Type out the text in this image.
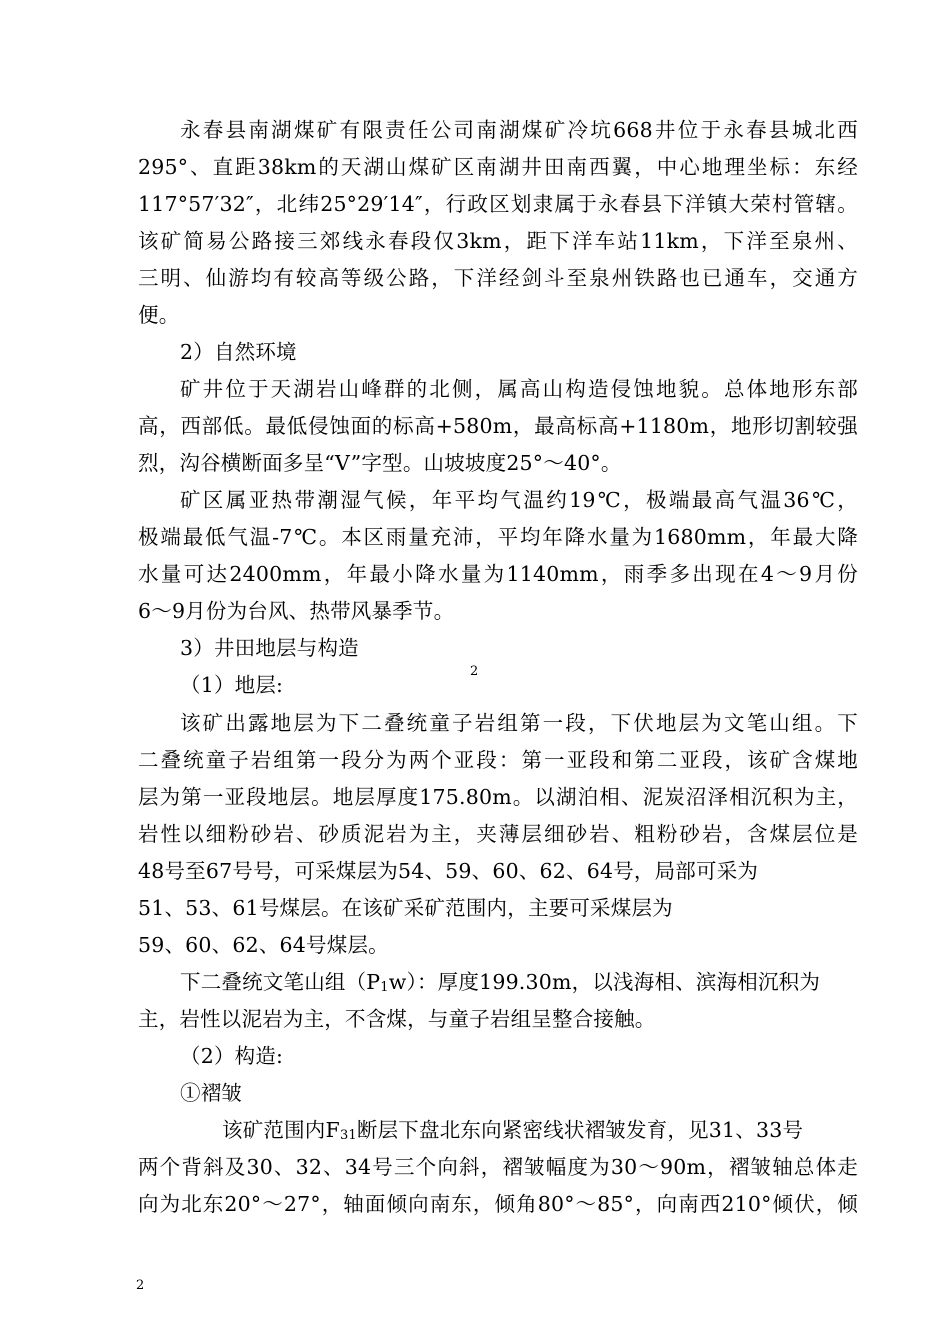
永春县南湖煤矿有限责任公司南湖煤矿冷坑668井位于永春县城北西
295°、直距38km的天湖山煤矿区南湖井田南西翼，中心地理坐标：东经
117°57′32″，北纬25°29′14″，行政区划隶属于永春县下洋镇大荣村管辖。
该矿简易公路接三郊线永春段仅3km，距下洋车站11km，下洋至泉州、
三明、仙游均有较高等级公路，下洋经剑斗至泉州铁路也已通车，交通方
便。
2）自然环境
矿井位于天湖岩山峰群的北侧，属高山构造侵蚀地貌。总体地形东部
高，西部低。最低侵蚀面的标高+580m，最高标高+1180m，地形切割较强
烈，沟谷横断面多呈“V”字型。山坡坡度25°～40°。
矿区属亚热带潮湿气候，年平均气温约19℃，极端最高气温36℃，
极端最低气温-7℃。本区雨量充沛，平均年降水量为1680mm，年最大降
水量可达2400mm，年最小降水量为1140mm，雨季多出现在4～9月份
6～9月份为台风、热带风暴季节。
3）井田地层与构造
（1）地层:
2
该矿出露地层为下二叠统童子岩组第一段，下伏地层为文笔山组。下
二叠统童子岩组第一段分为两个亚段：第一亚段和第二亚段，该矿含煤地
层为第一亚段地层。地层厚度175.80m。以湖泊相、泥炭沼泽相沉积为主，
岩性以细粉砂岩、砂质泥岩为主，夹薄层细砂岩、粗粉砂岩，含煤层位是
48号至67号号，可采煤层为54、59、60、62、64号，局部可采为
51、53、61号煤层。在该矿采矿范围内，主要可采煤层为
59、60、62、64号煤层。
下二叠统文笔山组$(P_1w)$：厚度199.30m，以浅海相、滨海相沉积为
主，岩性以泥岩为主，不含煤，与童子岩组呈整合接触。
（2）构造:
①褶皱
该矿范围内$F_{31}$断层下盘北东向紧密线状褶皱发育，见31、33号
两个背斜及30、32、34号三个向斜，褶皱幅度为30～90m，褶皱轴总体走
向为北东20°～27°，轴面倾向南东，倾角80°～85°，向南西210°倾伏，倾
2
